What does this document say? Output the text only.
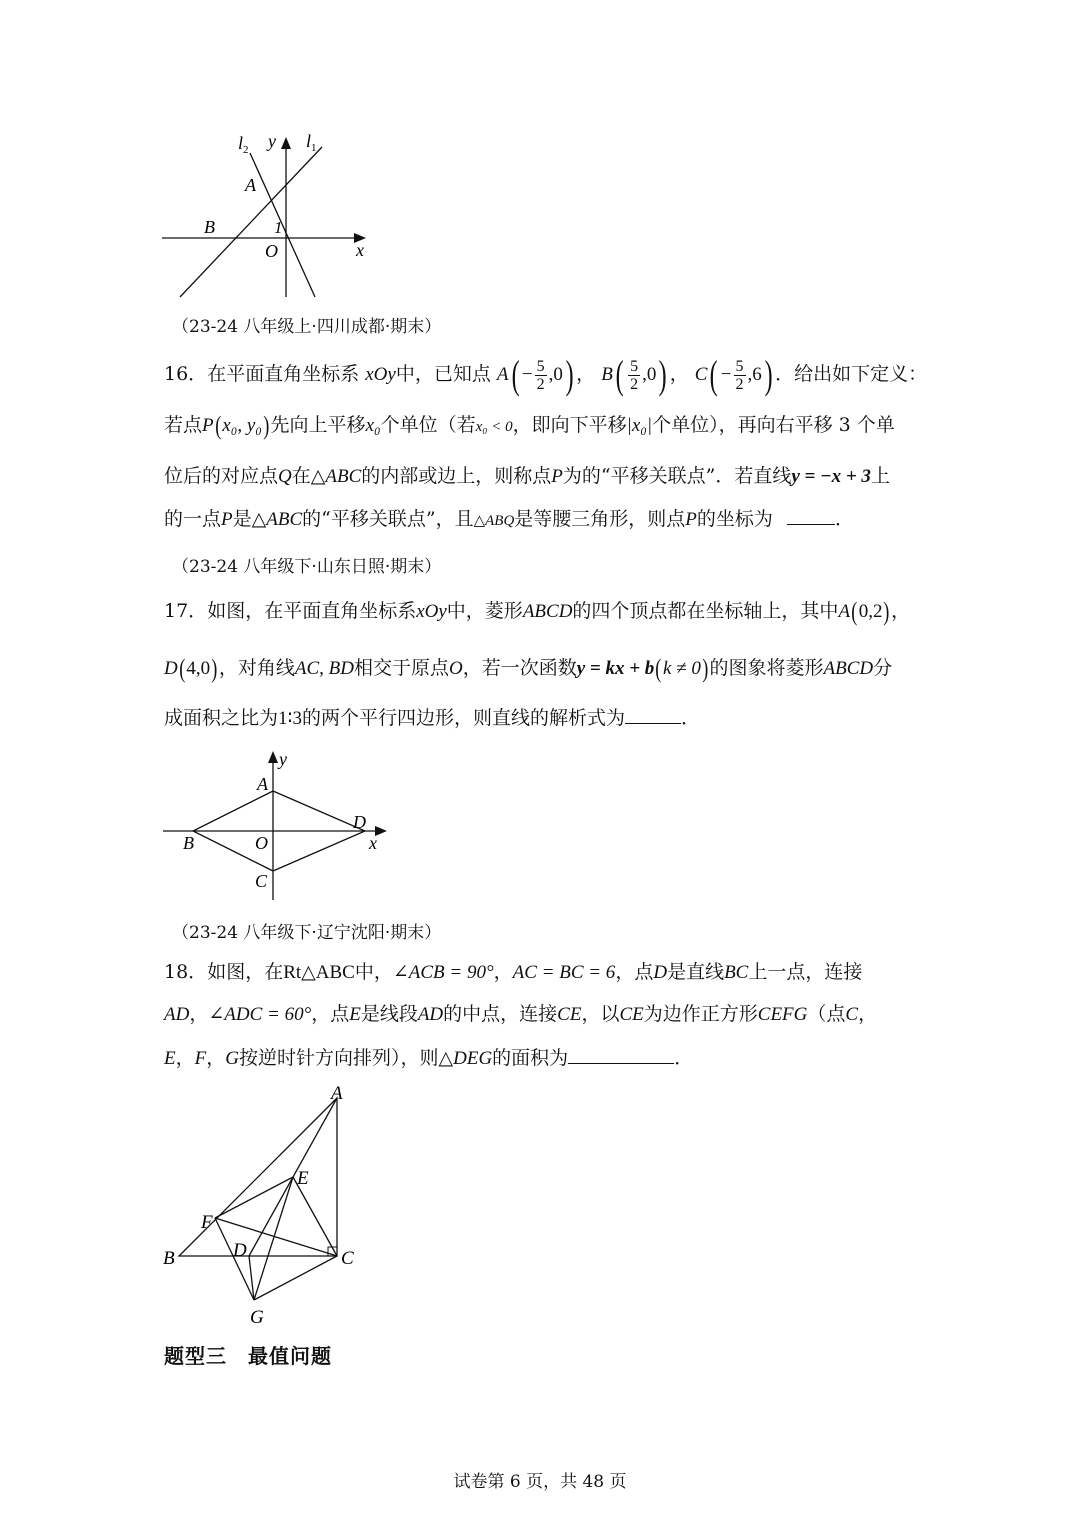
$l_2$ y $l_1$
A
B	1
O	x
（23-24 八年级上·四川成都·期末）
16．在平面直角坐标系 xOy中，已知点 $A( - \frac{5}{2} ,0)$ ， $B( \frac{5}{2} ,0)$ ， $C( - \frac{5}{2} ,6)$ ．给出如下定义：
若点P(x₀, y₀)先向上平移x₀个单位（若x₀ < 0，即向下平移|x₀|个单位），再向右平移 3 个单
位后的对应点Q在△ABC的内部或边上，则称点P为的“平移关联点”．若直线y = −x + 3上
的一点P是△ABC的“平移关联点”，且△ABQ是等腰三角形，则点P的坐标为	．
（23-24 八年级下·山东日照·期末）
17．如图，在平面直角坐标系xOy中，菱形ABCD的四个顶点都在坐标轴上，其中A(0,2)，
D(4,0)，对角线AC, BD相交于原点O，若一次函数y = kx + b(k ≠ 0)的图象将菱形ABCD分
成面积之比为1∶3的两个平行四边形，则直线的解析式为	．
y
A
D
B	O	x
C
（23-24 八年级下·辽宁沈阳·期末）
18．如图，在Rt△ABC中，∠ACB = 90°，AC = BC = 6，点D是直线BC上一点，连接
AD，∠ADC = 60°，点E是线段AD的中点，连接CE，以CE为边作正方形CEFG（点C，
E，F，G按逆时针方向排列），则△DEG的面积为	．
A
E
F
B	D	C
G
题型三　最值问题
试卷第 6 页，共 48 页
